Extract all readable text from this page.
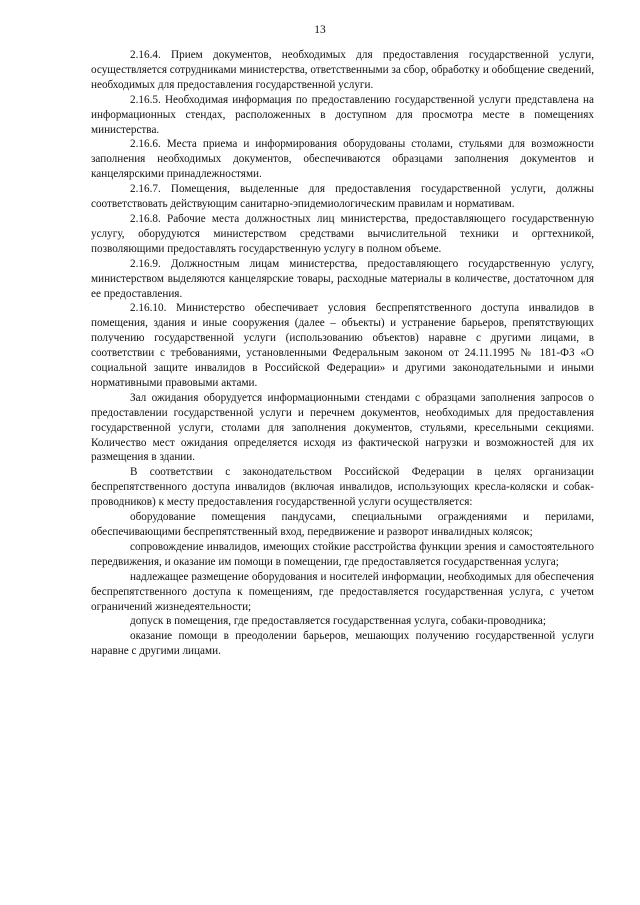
13

2.16.4. Прием документов, необходимых для предоставления государственной услуги, осуществляется сотрудниками министерства, ответственными за сбор, обработку и обобщение сведений, необходимых для предоставления государственной услуги.

2.16.5. Необходимая информация по предоставлению государственной услуги представлена на информационных стендах, расположенных в доступном для просмотра месте в помещениях министерства.

2.16.6. Места приема и информирования оборудованы столами, стульями для возможности заполнения необходимых документов, обеспечиваются образцами заполнения документов и канцелярскими принадлежностями.

2.16.7. Помещения, выделенные для предоставления государственной услуги, должны соответствовать действующим санитарно-эпидемиологическим правилам и нормативам.

2.16.8. Рабочие места должностных лиц министерства, предоставляющего государственную услугу, оборудуются министерством средствами вычислительной техники и оргтехникой, позволяющими предоставлять государственную услугу в полном объеме.

2.16.9. Должностным лицам министерства, предоставляющего государственную услугу, министерством выделяются канцелярские товары, расходные материалы в количестве, достаточном для ее предоставления.

2.16.10. Министерство обеспечивает условия беспрепятственного доступа инвалидов в помещения, здания и иные сооружения (далее – объекты) и устранение барьеров, препятствующих получению государственной услуги (использованию объектов) наравне с другими лицами, в соответствии с требованиями, установленными Федеральным законом от 24.11.1995 № 181-ФЗ «О социальной защите инвалидов в Российской Федерации» и другими законодательными и иными нормативными правовыми актами.

Зал ожидания оборудуется информационными стендами с образцами заполнения запросов о предоставлении государственной услуги и перечнем документов, необходимых для предоставления государственной услуги, столами для заполнения документов, стульями, кресельными секциями. Количество мест ожидания определяется исходя из фактической нагрузки и возможностей для их размещения в здании.

В соответствии с законодательством Российской Федерации в целях организации беспрепятственного доступа инвалидов (включая инвалидов, использующих кресла-коляски и собак-проводников) к месту предоставления государственной услуги осуществляется:

оборудование помещения пандусами, специальными ограждениями и перилами, обеспечивающими беспрепятственный вход, передвижение и разворот инвалидных колясок;

сопровождение инвалидов, имеющих стойкие расстройства функции зрения и самостоятельного передвижения, и оказание им помощи в помещении, где предоставляется государственная услуга;

надлежащее размещение оборудования и носителей информации, необходимых для обеспечения беспрепятственного доступа к помещениям, где предоставляется государственная услуга, с учетом ограничений жизнедеятельности;

допуск в помещения, где предоставляется государственная услуга, собаки-проводника;

оказание помощи в преодолении барьеров, мешающих получению государственной услуги наравне с другими лицами.
